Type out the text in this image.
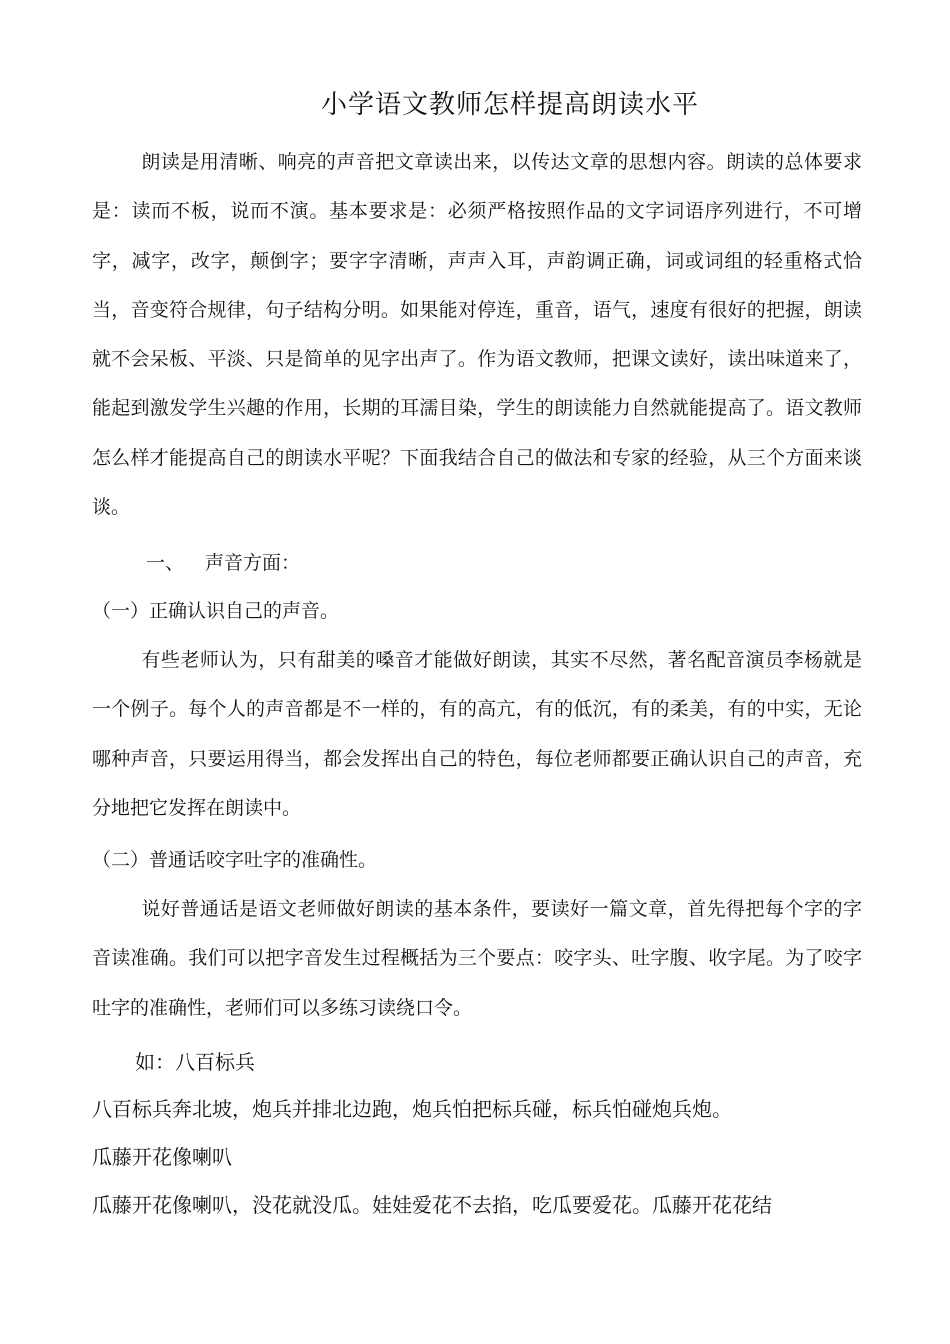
小学语文教师怎样提高朗读水平

朗读是用清晰、响亮的声音把文章读出来，以传达文章的思想内容。朗读的总体要求是：读而不板，说而不演。基本要求是：必须严格按照作品的文字词语序列进行，不可增字，减字，改字，颠倒字；要字字清晰，声声入耳，声韵调正确，词或词组的轻重格式恰当，音变符合规律，句子结构分明。如果能对停连，重音，语气，速度有很好的把握，朗读就不会呆板、平淡、只是简单的见字出声了。作为语文教师，把课文读好，读出味道来了，能起到激发学生兴趣的作用，长期的耳濡目染，学生的朗读能力自然就能提高了。语文教师怎么样才能提高自己的朗读水平呢？下面我结合自己的做法和专家的经验，从三个方面来谈谈。

一、 声音方面：
（一）正确认识自己的声音。

有些老师认为，只有甜美的嗓音才能做好朗读，其实不尽然，著名配音演员李杨就是一个例子。每个人的声音都是不一样的，有的高亢，有的低沉，有的柔美，有的中实，无论哪种声音，只要运用得当，都会发挥出自己的特色，每位老师都要正确认识自己的声音，充分地把它发挥在朗读中。

（二）普通话咬字吐字的准确性。

说好普通话是语文老师做好朗读的基本条件，要读好一篇文章，首先得把每个字的字音读准确。我们可以把字音发生过程概括为三个要点：咬字头、吐字腹、收字尾。为了咬字吐字的准确性，老师们可以多练习读绕口令。

如：八百标兵
八百标兵奔北坡，炮兵并排北边跑，炮兵怕把标兵碰，标兵怕碰炮兵炮。
瓜藤开花像喇叭
瓜藤开花像喇叭，没花就没瓜。娃娃爱花不去掐，吃瓜要爱花。瓜藤开花花结
